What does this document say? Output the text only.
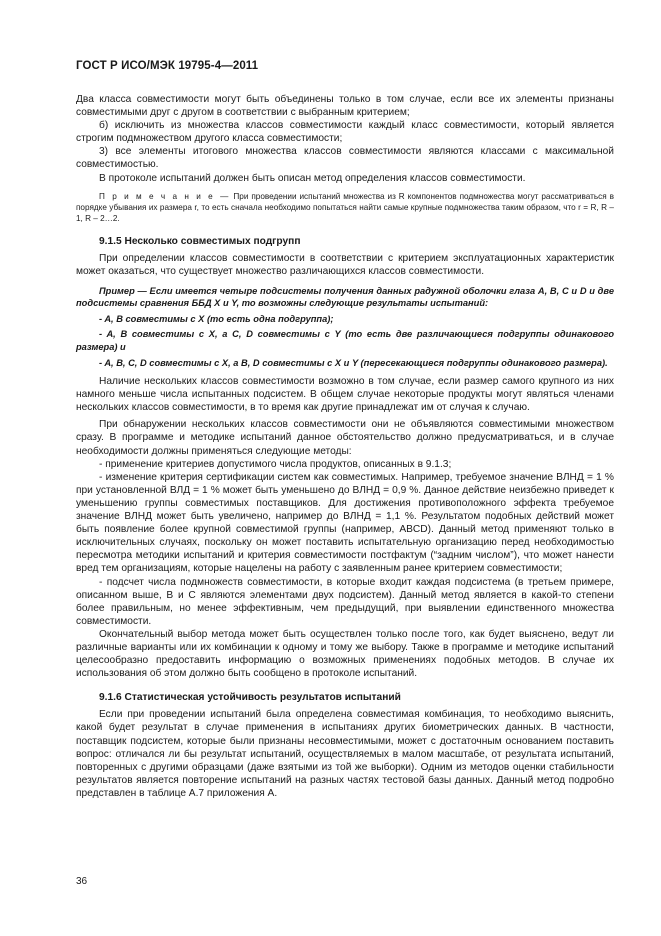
ГОСТ Р ИСО/МЭК 19795-4—2011

Два класса совместимости могут быть объединены только в том случае, если все их элементы признаны совместимыми друг с другом в соответствии с выбранным критерием;

б) исключить из множества классов совместимости каждый класс совместимости, который является строгим подмножеством другого класса совместимости;

3) все элементы итогового множества классов совместимости являются классами с максимальной совместимостью.

В протоколе испытаний должен быть описан метод определения классов совместимости.

П р и м е ч а н и е — При проведении испытаний множества из R компонентов подмножества могут рассматриваться в порядке убывания их размера r, то есть сначала необходимо попытаться найти самые крупные подмножества таким образом, что r = R, R – 1, R – 2…2.

9.1.5 Несколько совместимых подгрупп

При определении классов совместимости в соответствии с критерием эксплуатационных характеристик может оказаться, что существует множество различающихся классов совместимости.

Пример — Если имеется четыре подсистемы получения данных радужной оболочки глаза A, B, C и D и две подсистемы сравнения ББД X и Y, то возможны следующие результаты испытаний:

- A, B совместимы с X (то есть одна подгруппа);

- A, B совместимы с X, а C, D совместимы с Y (то есть две различающиеся подгруппы одинакового размера) и

- A, B, C, D совместимы с X, а B, D совместимы с X и Y (пересекающиеся подгруппы одинакового размера).

Наличие нескольких классов совместимости возможно в том случае, если размер самого крупного из них намного меньше числа испытанных подсистем. В общем случае некоторые продукты могут являться членами нескольких классов совместимости, в то время как другие принадлежат им от случая к случаю.

При обнаружении нескольких классов совместимости они не объявляются совместимыми множеством сразу. В программе и методике испытаний данное обстоятельство должно предусматриваться, и в случае необходимости должны применяться следующие методы:

- применение критериев допустимого числа продуктов, описанных в 9.1.3;

- изменение критерия сертификации систем как совместимых. Например, требуемое значение ВЛНД = 1 % при установленной ВЛД = 1 % может быть уменьшено до ВЛНД = 0,9 %. Данное действие неизбежно приведет к уменьшению группы совместимых поставщиков. Для достижения противоположного эффекта требуемое значение ВЛНД может быть увеличено, например до ВЛНД = 1,1 %. Результатом подобных действий может быть появление более крупной совместимой группы (например, ABCD). Данный метод применяют только в исключительных случаях, поскольку он может поставить испытательную организацию перед необходимостью пересмотра методики испытаний и критерия совместимости постфактум (“задним числом”), что может нанести вред тем организациям, которые нацелены на работу с заявленным ранее критерием совместимости;

- подсчет числа подмножеств совместимости, в которые входит каждая подсистема (в третьем примере, описанном выше, B и C являются элементами двух подсистем). Данный метод является в какой-то степени более правильным, но менее эффективным, чем предыдущий, при выявлении единственного множества совместимости.

Окончательный выбор метода может быть осуществлен только после того, как будет выяснено, ведут ли различные варианты или их комбинации к одному и тому же выбору. Также в программе и методике испытаний целесообразно предоставить информацию о возможных применениях подобных методов. В случае их использования об этом должно быть сообщено в протоколе испытаний.

9.1.6 Статистическая устойчивость результатов испытаний

Если при проведении испытаний была определена совместимая комбинация, то необходимо выяснить, какой будет результат в случае применения в испытаниях других биометрических данных. В частности, поставщик подсистем, которые были признаны несовместимыми, может с достаточным основанием поставить вопрос: отличался ли бы результат испытаний, осуществляемых в малом масштабе, от результата испытаний, повторенных с другими образцами (даже взятыми из той же выборки). Одним из методов оценки стабильности результатов является повторение испытаний на разных частях тестовой базы данных. Данный метод подробно представлен в таблице А.7 приложения А.

36
